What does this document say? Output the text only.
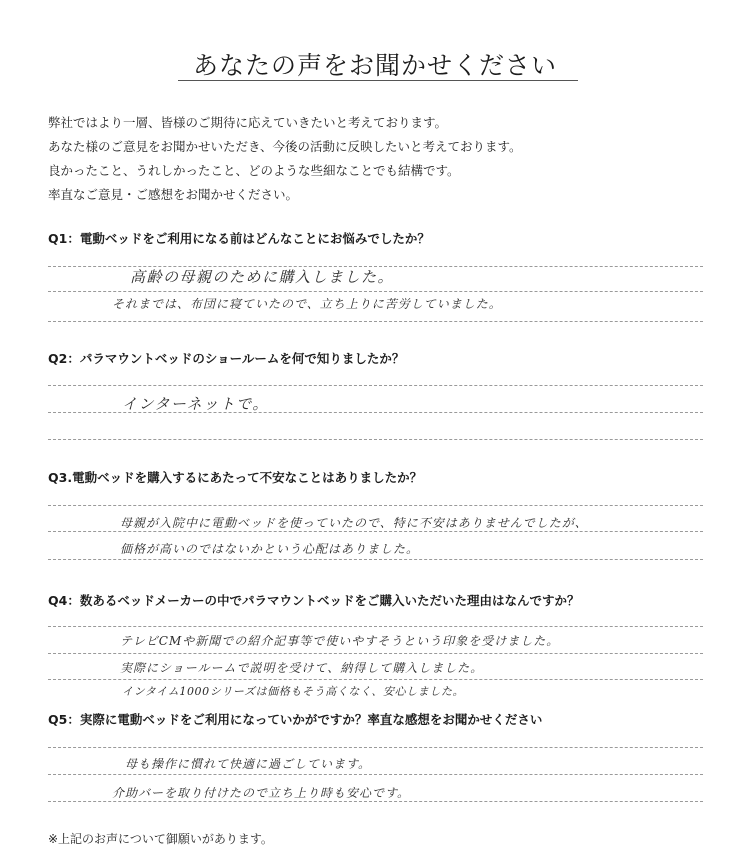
あなたの声をお聞かせください
弊社ではより一層、皆様のご期待に応えていきたいと考えております。
あなた様のご意見をお聞かせいただき、今後の活動に反映したいと考えております。
良かったこと、うれしかったこと、どのような些細なことでも結構です。
率直なご意見・ご感想をお聞かせください。
Q1：電動ベッドをご利用になる前はどんなことにお悩みでしたか？
高齢の母親のために購入しました。
それまでは、布団に寝ていたので、立ち上りに苦労していました。
Q2：パラマウントベッドのショールームを何で知りましたか？
インターネットで。
Q3.電動ベッドを購入するにあたって不安なことはありましたか？
母親が入院中に電動ベッドを使っていたので、特に不安はありませんでしたが、
価格が高いのではないかという心配はありました。
Q4：数あるベッドメーカーの中でパラマウントベッドをご購入いただいた理由はなんですか？
テレビCMや新聞での紹介記事等で使いやすそうという印象を受けました。
実際にショールームで説明を受けて、納得して購入しました。
インタイム1000シリーズは価格もそう高くなく、安心しました。
Q5：実際に電動ベッドをご利用になっていかがですか？率直な感想をお聞かせください
母も操作に慣れて快適に過ごしています。
介助バーを取り付けたので立ち上り時も安心です。
※上記のお声について御願いがあります。
